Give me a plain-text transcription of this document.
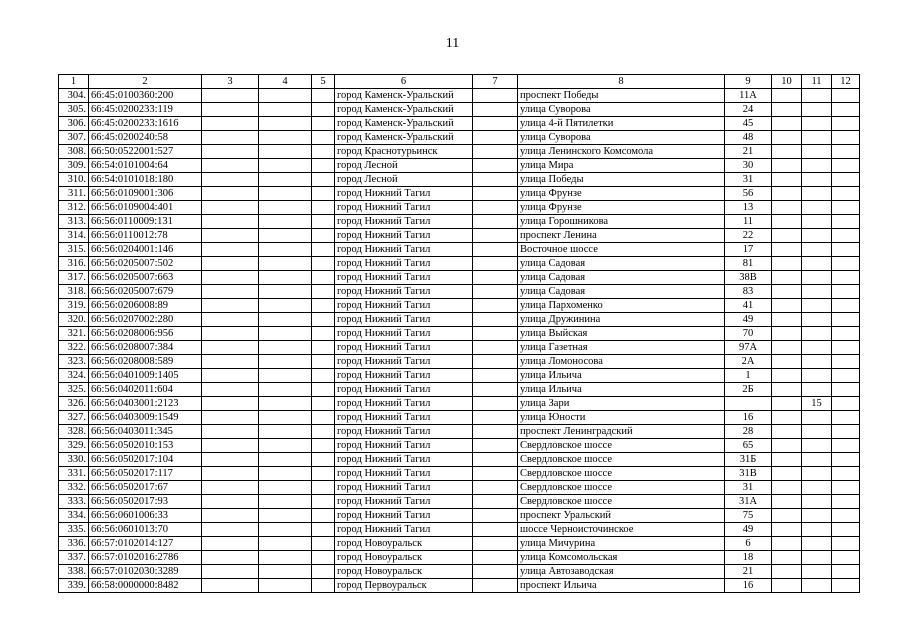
11
1	2	3	4	5	6	7	8	9	10	11	12
304.	66:45:0100360:200				город Каменск-Уральский		проспект Победы	11А			
305.	66:45:0200233:119				город Каменск-Уральский		улица Суворова	24			
306.	66:45:0200233:1616				город Каменск-Уральский		улица 4-й Пятилетки	45			
307.	66:45:0200240:58				город Каменск-Уральский		улица Суворова	48			
308.	66:50:0522001:527				город Краснотурьинск		улица Ленинского Комсомола	21			
309.	66:54:0101004:64				город Лесной		улица Мира	30			
310.	66:54:0101018:180				город Лесной		улица Победы	31			
311.	66:56:0109001:306				город Нижний Тагил		улица Фрунзе	56			
312.	66:56:0109004:401				город Нижний Тагил		улица Фрунзе	13			
313.	66:56:0110009:131				город Нижний Тагил		улица Горошникова	11			
314.	66:56:0110012:78				город Нижний Тагил		проспект Ленина	22			
315.	66:56:0204001:146				город Нижний Тагил		Восточное шоссе	17			
316.	66:56:0205007:502				город Нижний Тагил		улица Садовая	81			
317.	66:56:0205007:663				город Нижний Тагил		улица Садовая	38В			
318.	66:56:0205007:679				город Нижний Тагил		улица Садовая	83			
319.	66:56:0206008:89				город Нижний Тагил		улица Пархоменко	41			
320.	66:56:0207002:280				город Нижний Тагил		улица Дружинина	49			
321.	66:56:0208006:956				город Нижний Тагил		улица Выйская	70			
322.	66:56:0208007:384				город Нижний Тагил		улица Газетная	97А			
323.	66:56:0208008:589				город Нижний Тагил		улица Ломоносова	2А			
324.	66:56:0401009:1405				город Нижний Тагил		улица Ильича	1			
325.	66:56:0402011:604				город Нижний Тагил		улица Ильича	2Б			
326.	66:56:0403001:2123				город Нижний Тагил		улица Зари			15	
327.	66:56:0403009:1549				город Нижний Тагил		улица Юности	16			
328.	66:56:0403011:345				город Нижний Тагил		проспект Ленинградский	28			
329.	66:56:0502010:153				город Нижний Тагил		Свердловское шоссе	65			
330.	66:56:0502017:104				город Нижний Тагил		Свердловское шоссе	31Б			
331.	66:56:0502017:117				город Нижний Тагил		Свердловское шоссе	31В			
332.	66:56:0502017:67				город Нижний Тагил		Свердловское шоссе	31			
333.	66:56:0502017:93				город Нижний Тагил		Свердловское шоссе	31А			
334.	66:56:0601006:33				город Нижний Тагил		проспект Уральский	75			
335.	66:56:0601013:70				город Нижний Тагил		шоссе Черноисточинское	49			
336.	66:57:0102014:127				город Новоуральск		улица Мичурина	6			
337.	66:57:0102016:2786				город Новоуральск		улица Комсомольская	18			
338.	66:57:0102030:3289				город Новоуральск		улица Автозаводская	21			
339.	66:58:0000000:8482				город Первоуральск		проспект Ильича	16			
